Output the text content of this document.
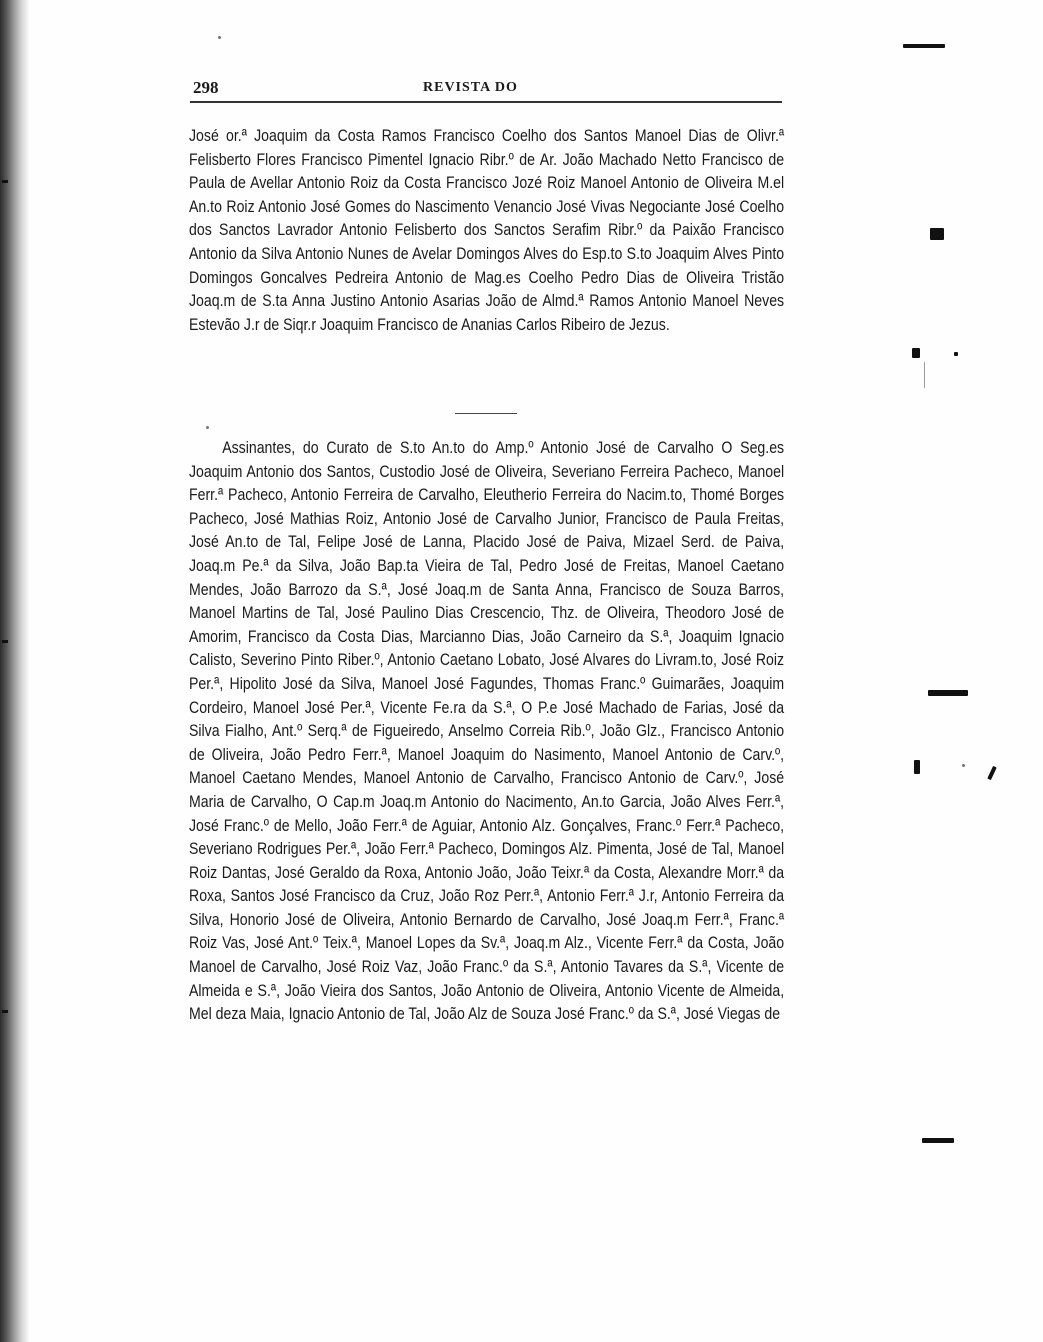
298	REVISTA DO

José or.ª Joaquim da Costa Ramos Francisco Coelho dos Santos Manoel Dias de Olivr.ª Felisberto Flores Francisco Pimentel Ignacio Ribr.º de Ar. João Machado Netto Francisco de Paula de Avellar Antonio Roiz da Costa Francisco Jozé Roiz Manoel Antonio de Oliveira M.el An.to Roiz Antonio José Gomes do Nascimento Venancio José Vivas Negociante José Coelho dos Sanctos Lavrador Antonio Felisberto dos Sanctos Serafim Ribr.º da Paixão Francisco Antonio da Silva Antonio Nunes de Avelar Domingos Alves do Esp.to S.to Joaquim Alves Pinto Domingos Goncalves Pedreira Antonio de Mag.es Coelho Pedro Dias de Oliveira Tristão Joaq.m de S.ta Anna Justino Antonio Asarias João de Almd.ª Ramos Antonio Manoel Neves Estevão J.r de Siqr.r Joaquim Francisco de Ananias Carlos Ribeiro de Jezus.

Assinantes, do Curato de S.to An.to do Amp.º Antonio José de Carvalho O Seg.es Joaquim Antonio dos Santos, Custodio José de Oliveira, Severiano Ferreira Pacheco, Manoel Ferr.ª Pacheco, Antonio Ferreira de Carvalho, Eleutherio Ferreira do Nacim.to, Thomé Borges Pacheco, José Mathias Roiz, Antonio José de Carvalho Junior, Francisco de Paula Freitas, José An.to de Tal, Felipe José de Lanna, Placido José de Paiva, Mizael Serd. de Paiva, Joaq.m Pe.ª da Silva, João Bap.ta Vieira de Tal, Pedro José de Freitas, Manoel Caetano Mendes, João Barrozo da S.ª, José Joaq.m de Santa Anna, Francisco de Souza Barros, Manoel Martins de Tal, José Paulino Dias Crescencio, Thz. de Oliveira, Theodoro José de Amorim, Francisco da Costa Dias, Marcianno Dias, João Carneiro da S.ª, Joaquim Ignacio Calisto, Severino Pinto Riber.º, Antonio Caetano Lobato, José Alvares do Livram.to, José Roiz Per.ª, Hipolito José da Silva, Manoel José Fagundes, Thomas Franc.º Guimarães, Joaquim Cordeiro, Manoel José Per.ª, Vicente Fe.ra da S.ª, O P.e José Machado de Farias, José da Silva Fialho, Ant.º Serq.ª de Figueiredo, Anselmo Correia Rib.º, João Glz., Francisco Antonio de Oliveira, João Pedro Ferr.ª, Manoel Joaquim do Nasimento, Manoel Antonio de Carv.º, Manoel Caetano Mendes, Manoel Antonio de Carvalho, Francisco Antonio de Carv.º, José Maria de Carvalho, O Cap.m Joaq.m Antonio do Nacimento, An.to Garcia, João Alves Ferr.ª, José Franc.º de Mello, João Ferr.ª de Aguiar, Antonio Alz. Gonçalves, Franc.º Ferr.ª Pacheco, Severiano Rodrigues Per.ª, João Ferr.ª Pacheco, Domingos Alz. Pimenta, José de Tal, Manoel Roiz Dantas, José Geraldo da Roxa, Antonio João, João Teixr.ª da Costa, Alexandre Morr.ª da Roxa, Santos José Francisco da Cruz, João Roz Perr.ª, Antonio Ferr.ª J.r, Antonio Ferreira da Silva, Honorio José de Oliveira, Antonio Bernardo de Carvalho, José Joaq.m Ferr.ª, Franc.ª Roiz Vas, José Ant.º Teix.ª, Manoel Lopes da Sv.ª, Joaq.m Alz., Vicente Ferr.ª da Costa, João Manoel de Carvalho, José Roiz Vaz, João Franc.º da S.ª, Antonio Tavares da S.ª, Vicente de Almeida e S.ª, João Vieira dos Santos, João Antonio de Oliveira, Antonio Vicente de Almeida, Mel deza Maia, Ignacio Antonio de Tal, João Alz de Souza José Franc.º da S.ª, José Viegas de
